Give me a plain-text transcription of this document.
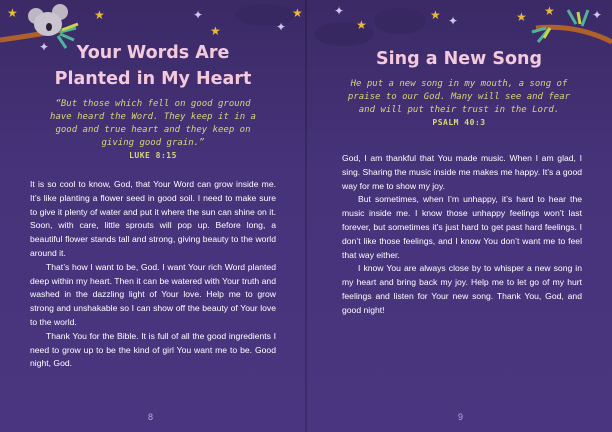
★	★
★
★
✦
✦
✦
Your Words Are
Planted in My Heart
“But those which fell on good ground have heard the Word. They keep it in a good and true heart and they keep on giving good grain.”
LUKE 8:15

It is so cool to know, God, that Your Word can grow inside me. It’s like planting a flower seed in good soil. I need to make sure to give it plenty of water and put it where the sun can shine on it. Soon, with care, little sprouts will pop up. Before long, a beautiful flower stands tall and strong, giving beauty to the world around it.

That’s how I want to be, God. I want Your rich Word planted deep within my heart. Then it can be watered with Your truth and washed in the dazzling light of Your love. Help me to grow strong and unshakable so I can show off the beauty of Your love to the world.

Thank You for the Bible. It is full of all the good ingredients I need to grow up to be the kind of girl You want me to be. Good night, God.

8
★
★	★ ★
✦
✦	✦
Sing a New Song
He put a new song in my mouth, a song of praise to our God. Many will see and fear and will put their trust in the Lord.
PSALM 40:3

God, I am thankful that You made music. When I am glad, I sing. Sharing the music inside me makes me happy. It’s a good way for me to show my joy.

But sometimes, when I’m unhappy, it’s hard to hear the music inside me. I know those unhappy feelings won’t last forever, but sometimes it’s just hard to get past hard feelings. I don’t like those feelings, and I know You don’t want me to feel that way either.

I know You are always close by to whisper a new song in my heart and bring back my joy. Help me to let go of my hurt feelings and listen for Your new song. Thank You, God, and good night!

9
